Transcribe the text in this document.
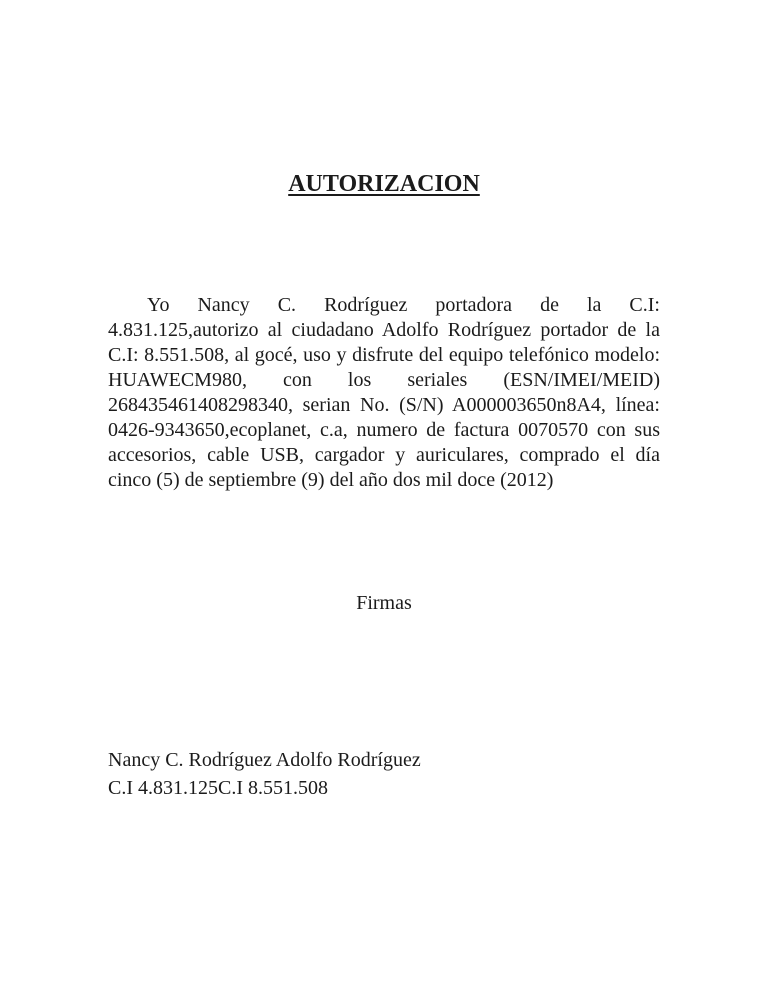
AUTORIZACION
Yo Nancy C. Rodríguez portadora de la C.I:
4.831.125,autorizo al ciudadano Adolfo Rodríguez portador de la
C.I: 8.551.508, al gocé, uso y disfrute del equipo telefónico modelo:
HUAWECM980, con los seriales (ESN/IMEI/MEID)
268435461408298340, serian No. (S/N) A000003650n8A4, línea:
0426-9343650,ecoplanet, c.a, numero de factura 0070570 con sus
accesorios, cable USB, cargador y auriculares, comprado el día
cinco (5) de septiembre (9) del año dos mil doce (2012)
Firmas
Nancy C. Rodríguez Adolfo Rodríguez
C.I 4.831.125C.I 8.551.508
